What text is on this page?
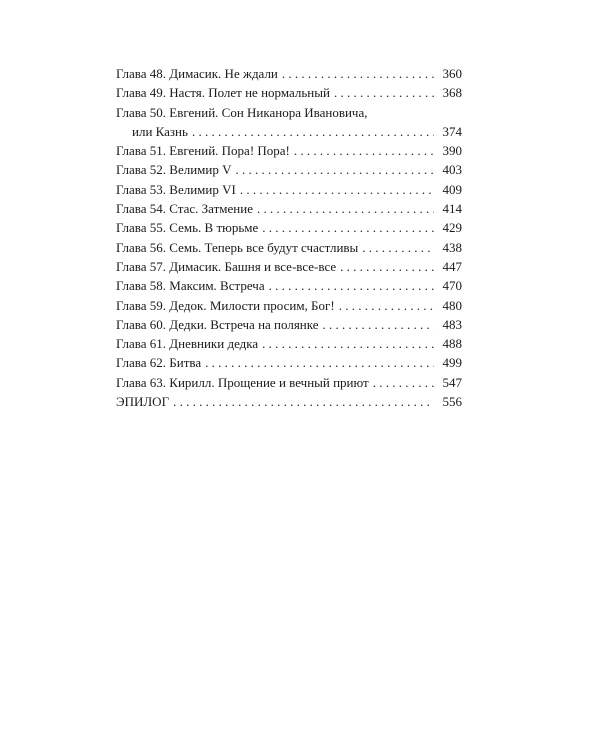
Глава 48. Димасик. Не ждали . . .	360
Глава 49. Настя. Полет не нормальный . . .	368
Глава 50. Евгений. Сон Никанора Ивановича,
или Казнь . . .	374
Глава 51. Евгений. Пора! Пора! . . .	390
Глава 52. Велимир V . . .	403
Глава 53. Велимир VI . . .	409
Глава 54. Стас. Затмение . . .	414
Глава 55. Семь. В тюрьме . . .	429
Глава 56. Семь. Теперь все будут счастливы . . .	438
Глава 57. Димасик. Башня и все-все-все . . .	447
Глава 58. Максим. Встреча . . .	470
Глава 59. Дедок. Милости просим, Бог! . . .	480
Глава 60. Дедки. Встреча на полянке . . .	483
Глава 61. Дневники дедка . . .	488
Глава 62. Битва . . .	499
Глава 63. Кирилл. Прощение и вечный приют . . .	547
ЭПИЛОГ . . .	556
